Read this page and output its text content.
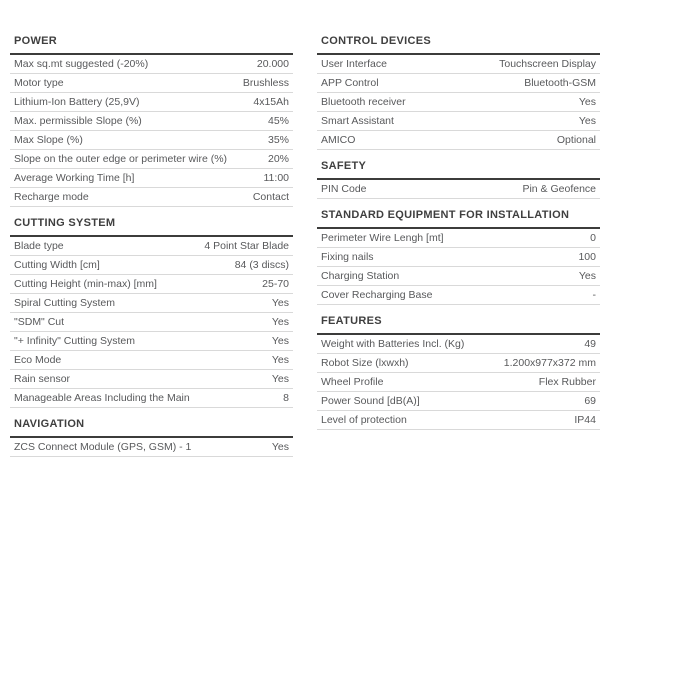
POWER
Max sq.mt suggested (-20%)	20.000
Motor type	Brushless
Lithium-Ion Battery (25,9V)	4x15Ah
Max. permissible Slope (%)	45%
Max Slope (%)	35%
Slope on the outer edge or perimeter wire (%)	20%
Average Working Time [h]	11:00
Recharge mode	Contact
CUTTING SYSTEM
Blade type	4 Point Star Blade
Cutting Width [cm]	84 (3 discs)
Cutting Height (min-max) [mm]	25-70
Spiral Cutting System	Yes
"SDM" Cut	Yes
"+ Infinity" Cutting System	Yes
Eco Mode	Yes
Rain sensor	Yes
Manageable Areas Including the Main	8
NAVIGATION
ZCS Connect Module (GPS, GSM) - 1	Yes
CONTROL DEVICES
User Interface	Touchscreen Display
APP Control	Bluetooth-GSM
Bluetooth receiver	Yes
Smart Assistant	Yes
AMICO	Optional
SAFETY
PIN Code	Pin & Geofence
STANDARD EQUIPMENT FOR INSTALLATION
Perimeter Wire Lengh [mt]	0
Fixing nails	100
Charging Station	Yes
Cover Recharging Base	-
FEATURES
Weight with Batteries Incl. (Kg)	49
Robot Size (lxwxh)	1.200x977x372 mm
Wheel Profile	Flex Rubber
Power Sound [dB(A)]	69
Level of protection	IP44
